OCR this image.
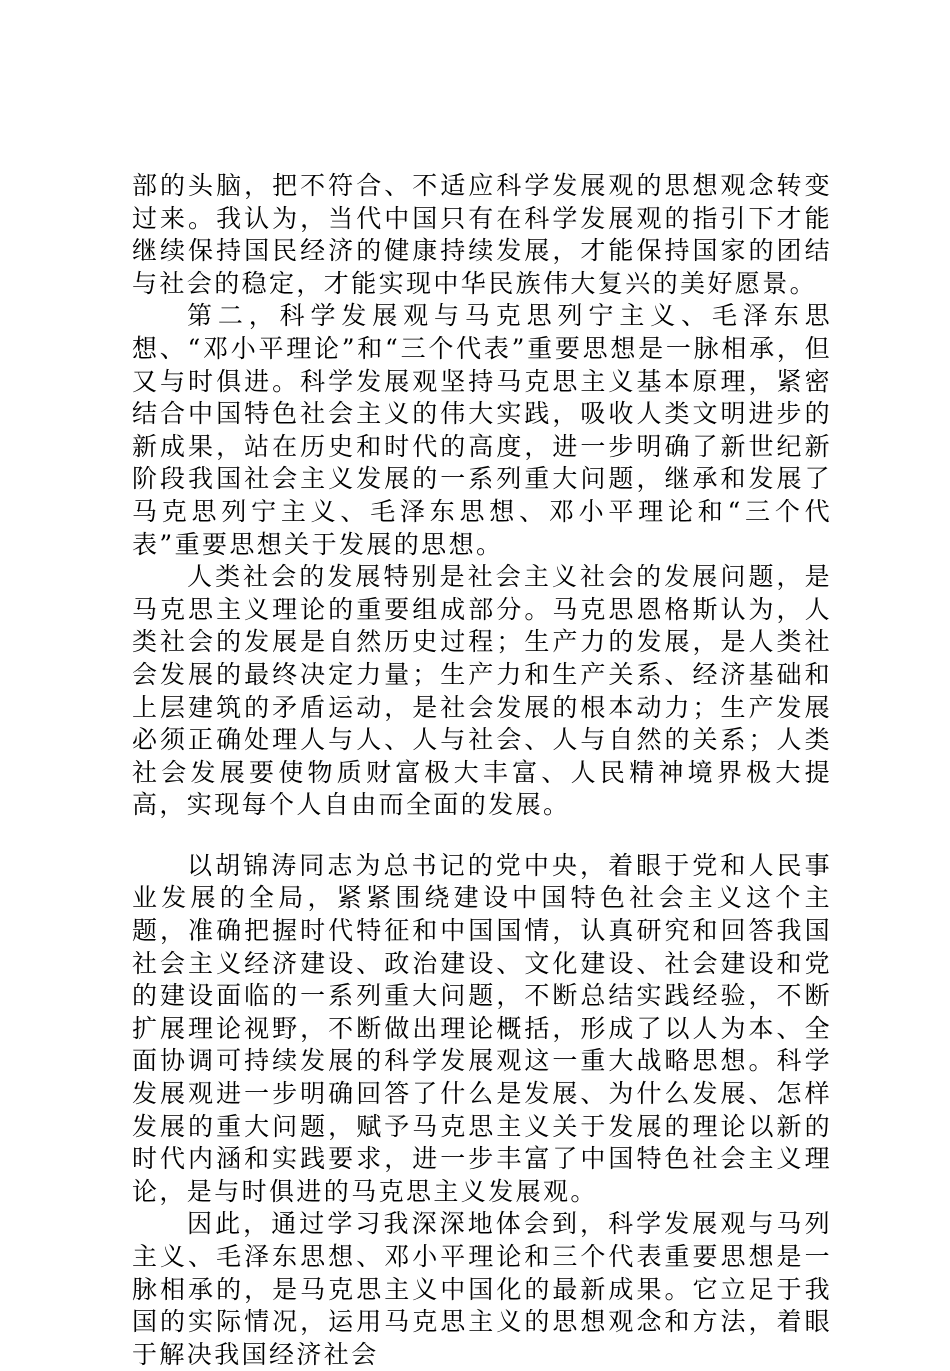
部的头脑，把不符合、不适应科学发展观的思想观念转变过来。我认为，当代中国只有在科学发展观的指引下才能继续保持国民经济的健康持续发展，才能保持国家的团结与社会的稳定，才能实现中华民族伟大复兴的美好愿景。

第二，科学发展观与马克思列宁主义、毛泽东思想、“邓小平理论”和“三个代表”重要思想是一脉相承，但又与时俱进。科学发展观坚持马克思主义基本原理，紧密结合中国特色社会主义的伟大实践，吸收人类文明进步的新成果，站在历史和时代的高度，进一步明确了新世纪新阶段我国社会主义发展的一系列重大问题，继承和发展了马克思列宁主义、毛泽东思想、邓小平理论和“三个代表”重要思想关于发展的思想。

人类社会的发展特别是社会主义社会的发展问题，是马克思主义理论的重要组成部分。马克思恩格斯认为，人类社会的发展是自然历史过程；生产力的发展，是人类社会发展的最终决定力量；生产力和生产关系、经济基础和上层建筑的矛盾运动，是社会发展的根本动力；生产发展必须正确处理人与人、人与社会、人与自然的关系；人类社会发展要使物质财富极大丰富、人民精神境界极大提高，实现每个人自由而全面的发展。

以胡锦涛同志为总书记的党中央，着眼于党和人民事业发展的全局，紧紧围绕建设中国特色社会主义这个主题，准确把握时代特征和中国国情，认真研究和回答我国社会主义经济建设、政治建设、文化建设、社会建设和党的建设面临的一系列重大问题，不断总结实践经验，不断扩展理论视野，不断做出理论概括，形成了以人为本、全面协调可持续发展的科学发展观这一重大战略思想。科学发展观进一步明确回答了什么是发展、为什么发展、怎样发展的重大问题，赋予马克思主义关于发展的理论以新的时代内涵和实践要求，进一步丰富了中国特色社会主义理论，是与时俱进的马克思主义发展观。

因此，通过学习我深深地体会到，科学发展观与马列主义、毛泽东思想、邓小平理论和三个代表重要思想是一脉相承的，是马克思主义中国化的最新成果。它立足于我国的实际情况，运用马克思主义的思想观念和方法，着眼于解决我国经济社会
